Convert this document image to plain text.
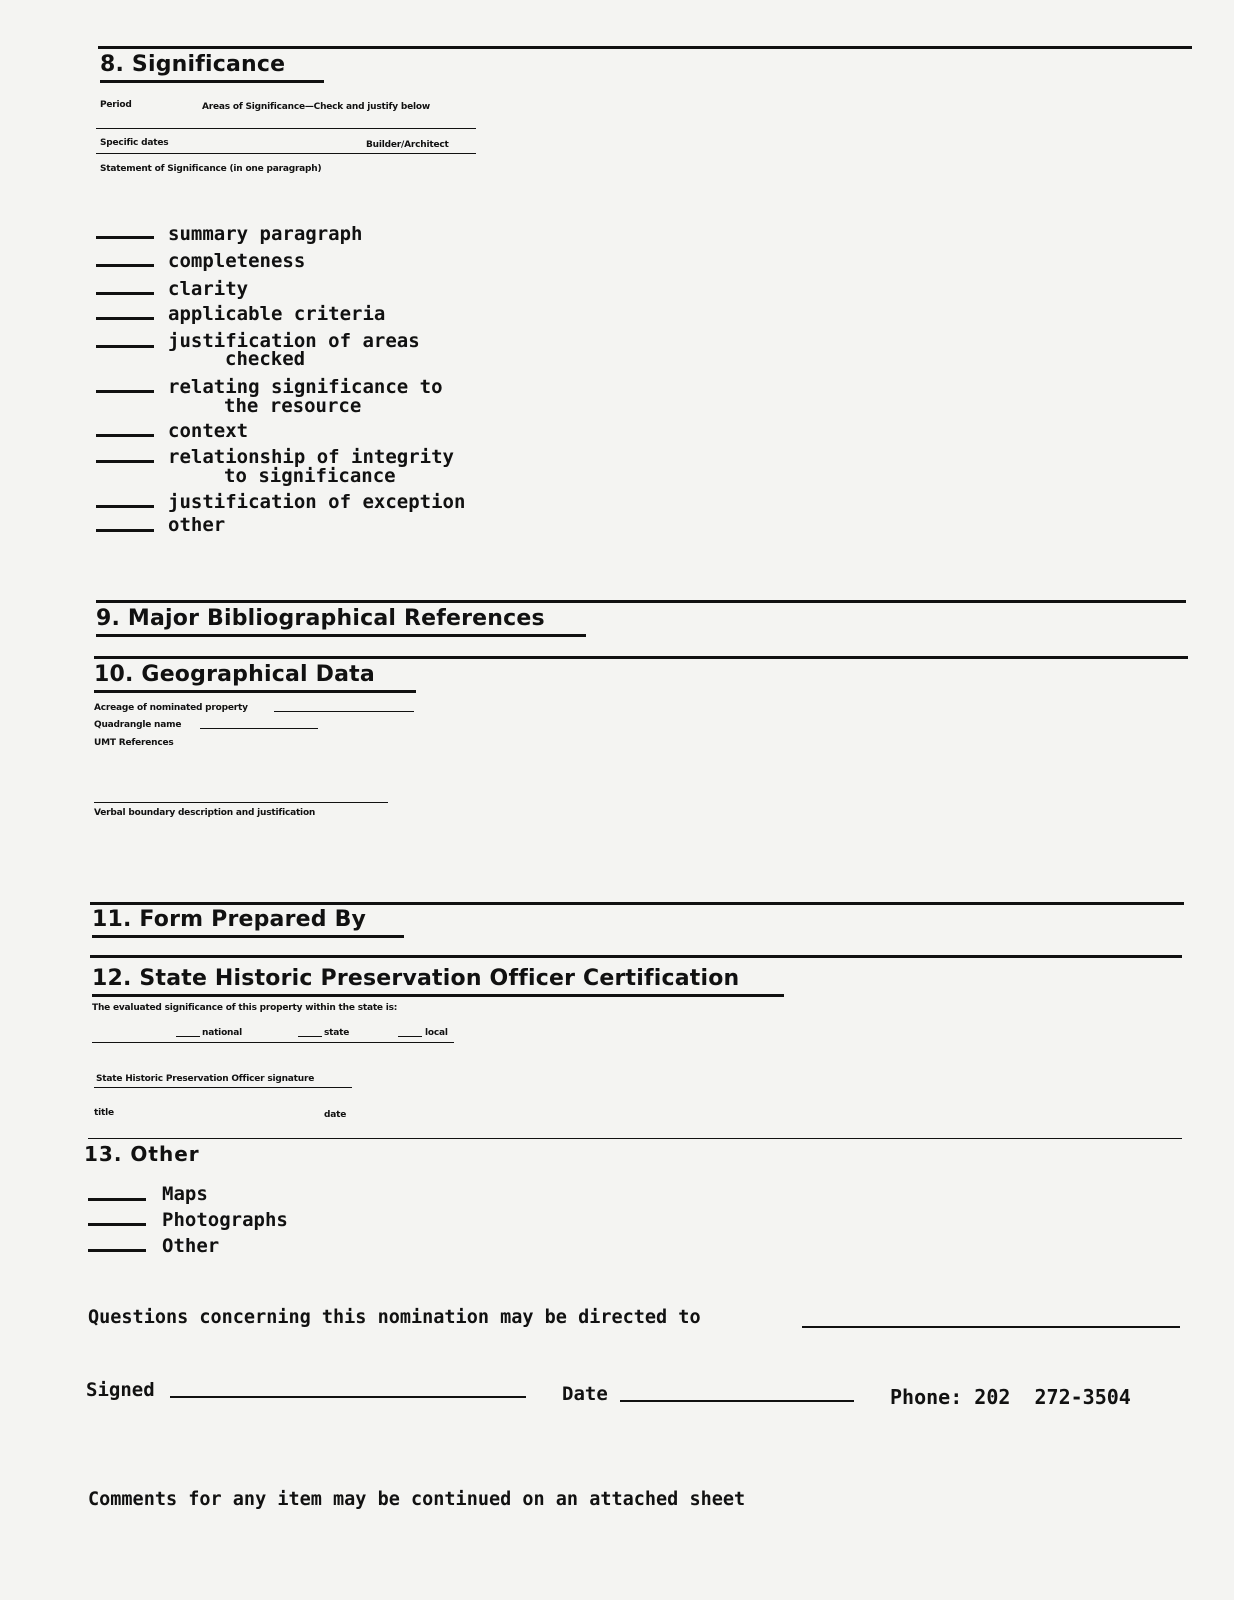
8. Significance
Period	Areas of Significance—Check and justify below
Specific dates	Builder/Architect
Statement of Significance (in one paragraph)
summary paragraph
completeness
clarity
applicable criteria
justification of areas
checked
relating significance to
the resource
context
relationship of integrity
to significance
justification of exception
other
9. Major Bibliographical References
10. Geographical Data
Acreage of nominated property
Quadrangle name
UMT References
Verbal boundary description and justification
11. Form Prepared By
12. State Historic Preservation Officer Certification
The evaluated significance of this property within the state is:
national	state	local
State Historic Preservation Officer signature
title	date
13. Other
Maps
Photographs
Other
Questions concerning this nomination may be directed to
Signed	Date	Phone: 202  272-3504
Comments for any item may be continued on an attached sheet
